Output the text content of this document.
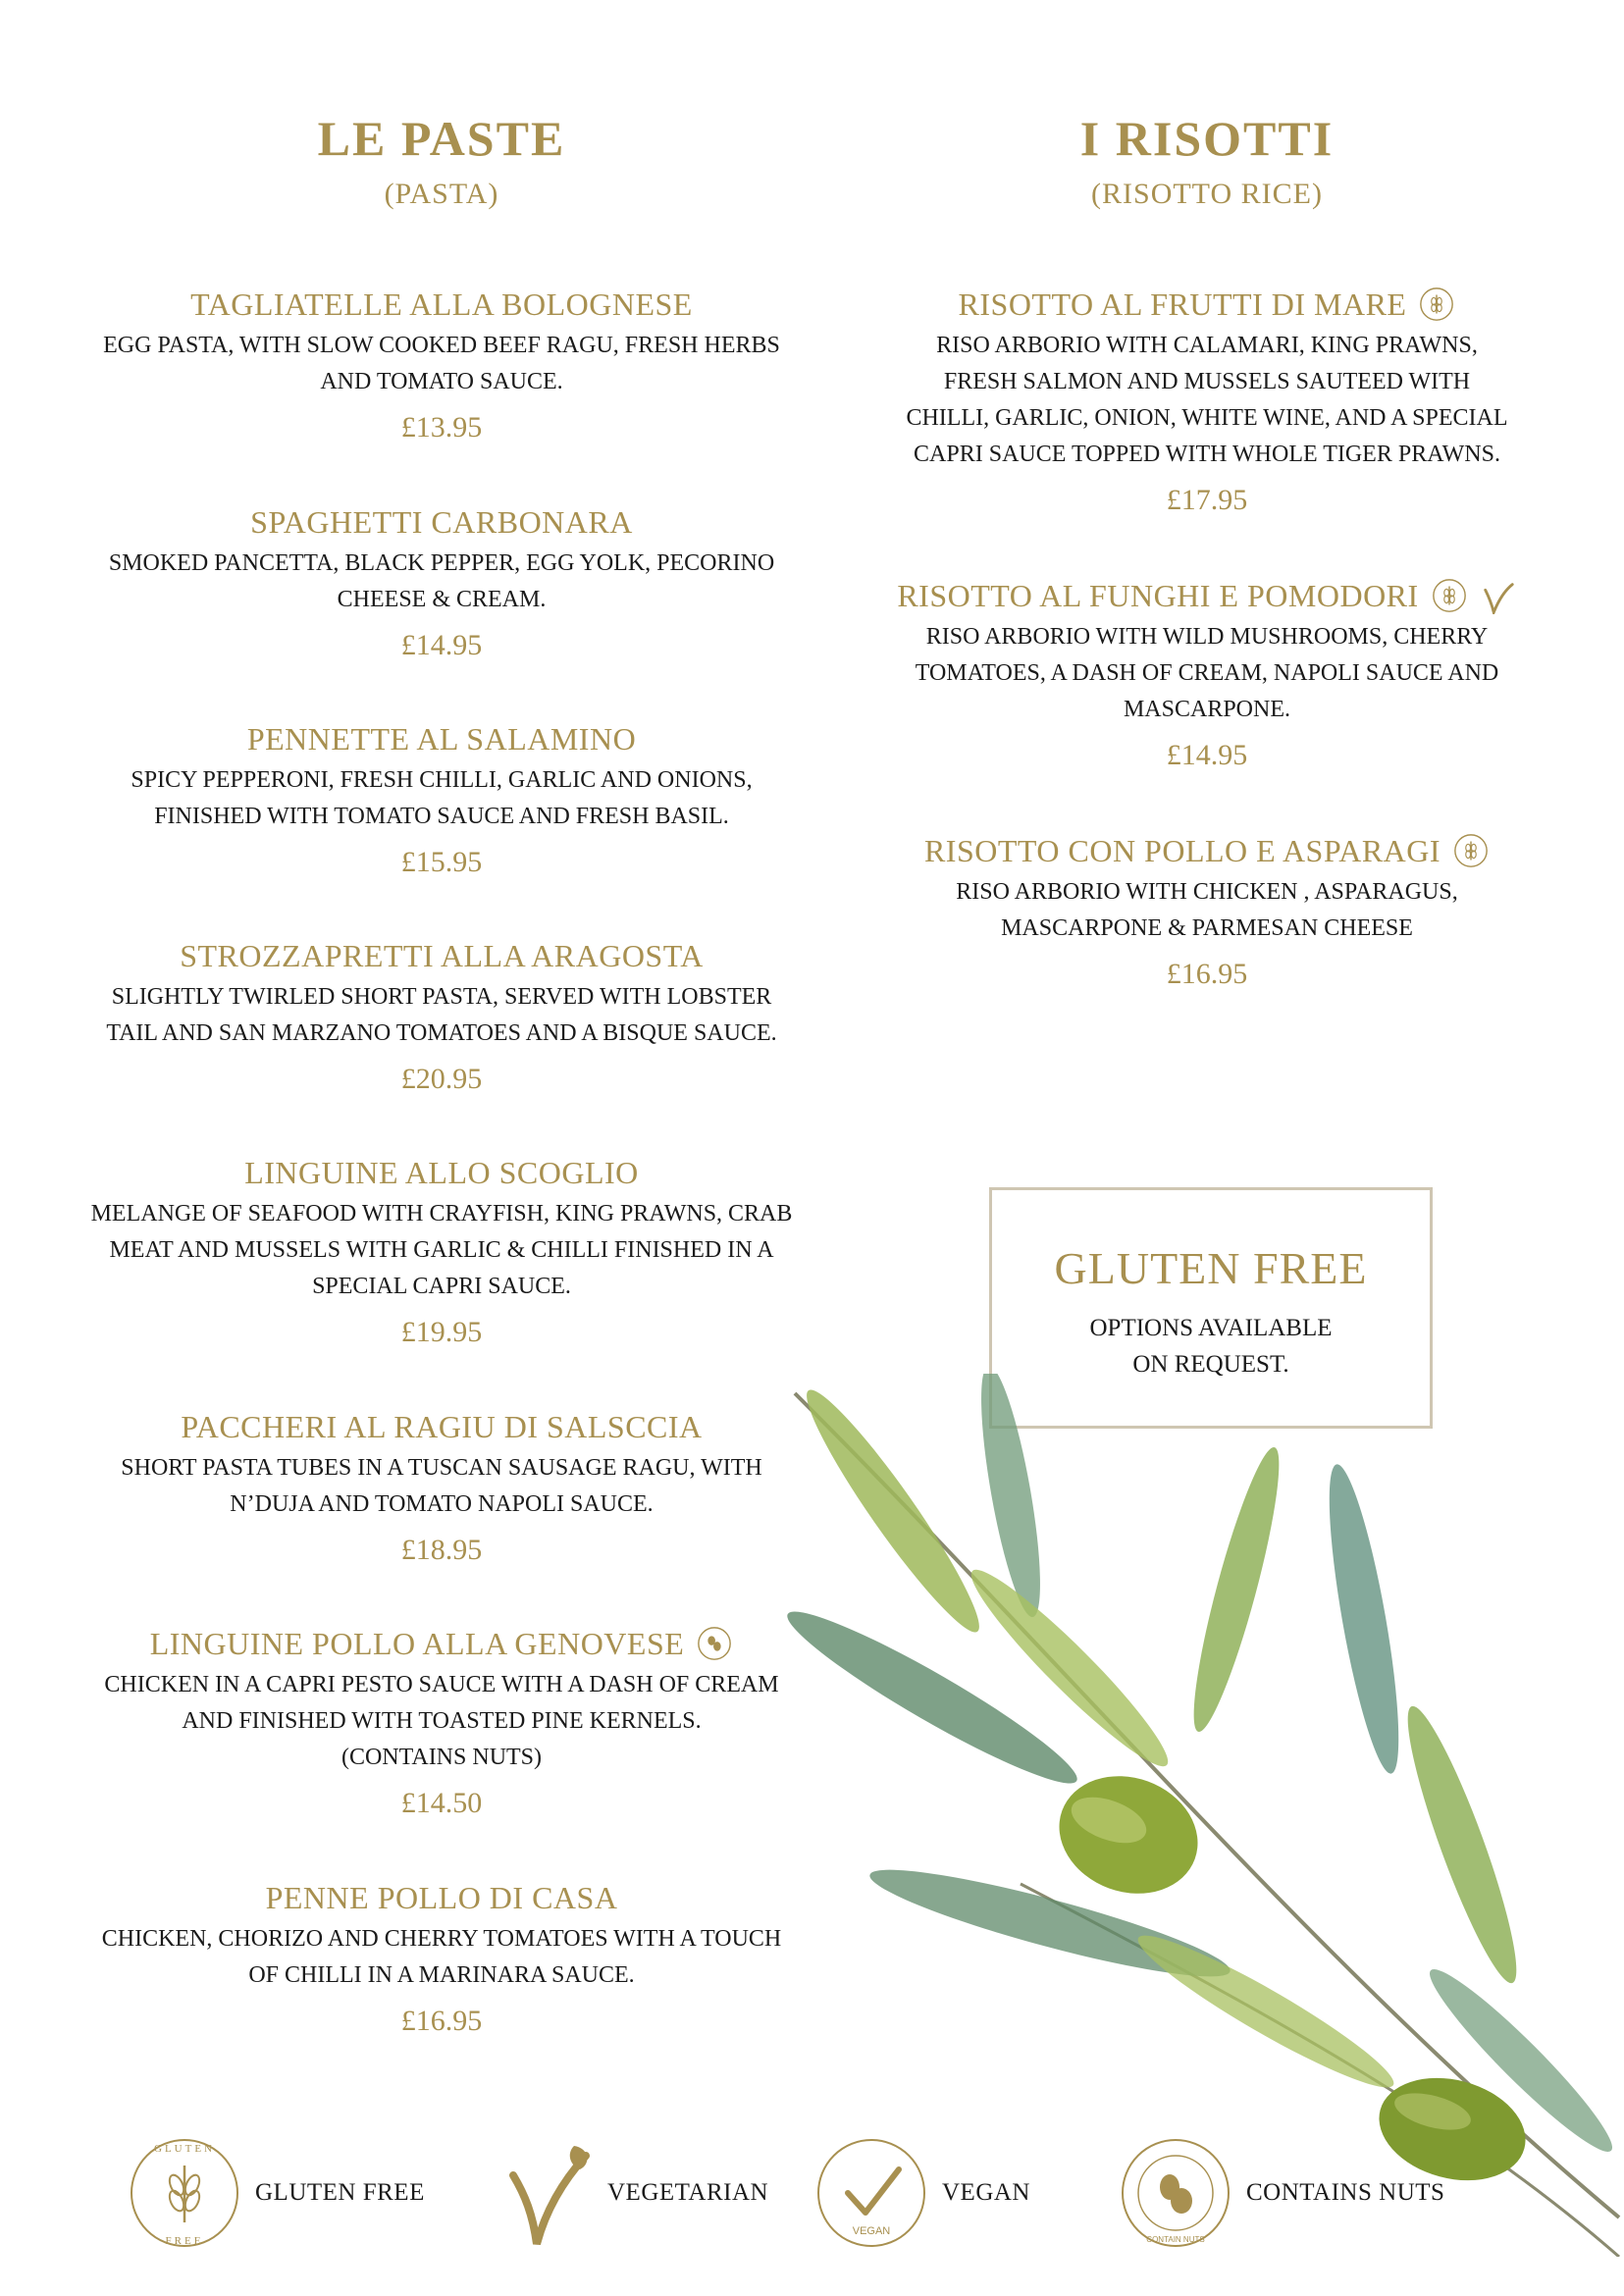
LE PASTE
(PASTA)
TAGLIATELLE ALLA BOLOGNESE
EGG PASTA, WITH SLOW COOKED BEEF RAGU, FRESH HERBS
AND TOMATO SAUCE.
£13.95
SPAGHETTI CARBONARA
SMOKED PANCETTA, BLACK PEPPER, EGG YOLK, PECORINO
CHEESE & CREAM.
£14.95
PENNETTE AL SALAMINO
SPICY PEPPERONI, FRESH CHILLI, GARLIC AND ONIONS,
FINISHED WITH TOMATO SAUCE AND FRESH BASIL.
£15.95
STROZZAPRETTI ALLA ARAGOSTA
SLIGHTLY TWIRLED SHORT PASTA, SERVED WITH LOBSTER
TAIL AND SAN MARZANO TOMATOES AND A BISQUE SAUCE.
£20.95
LINGUINE ALLO SCOGLIO
MELANGE OF SEAFOOD WITH CRAYFISH, KING PRAWNS, CRAB
MEAT AND MUSSELS WITH GARLIC & CHILLI FINISHED IN A
SPECIAL CAPRI SAUCE.
£19.95
PACCHERI AL RAGIU DI SALSCCIA
SHORT PASTA TUBES IN A TUSCAN SAUSAGE RAGU, WITH
N’DUJA AND TOMATO NAPOLI SAUCE.
£18.95
LINGUINE POLLO ALLA GENOVESE
CHICKEN IN A CAPRI PESTO SAUCE WITH A DASH OF CREAM
AND FINISHED WITH TOASTED PINE KERNELS.
(CONTAINS NUTS)
£14.50
PENNE POLLO DI CASA
CHICKEN, CHORIZO AND CHERRY TOMATOES WITH A TOUCH
OF CHILLI IN A MARINARA SAUCE.
£16.95
I RISOTTI
(RISOTTO RICE)
RISOTTO AL FRUTTI DI MARE
RISO ARBORIO WITH CALAMARI, KING PRAWNS,
FRESH SALMON AND MUSSELS SAUTEED WITH
CHILLI, GARLIC, ONION, WHITE WINE, AND A SPECIAL
CAPRI SAUCE TOPPED WITH WHOLE TIGER PRAWNS.
£17.95
RISOTTO AL FUNGHI E POMODORI
RISO ARBORIO WITH WILD MUSHROOMS, CHERRY
TOMATOES, A DASH OF CREAM, NAPOLI SAUCE AND
MASCARPONE.
£14.95
RISOTTO CON POLLO E ASPARAGI
RISO ARBORIO WITH CHICKEN , ASPARAGUS,
MASCARPONE & PARMESAN CHEESE
£16.95
GLUTEN FREE
OPTIONS AVAILABLE
ON REQUEST.
GLUTEN
FREE
GLUTEN FREE	VEGETARIAN
VEGAN
VEGAN
CONTAIN NUTS
CONTAINS NUTS
